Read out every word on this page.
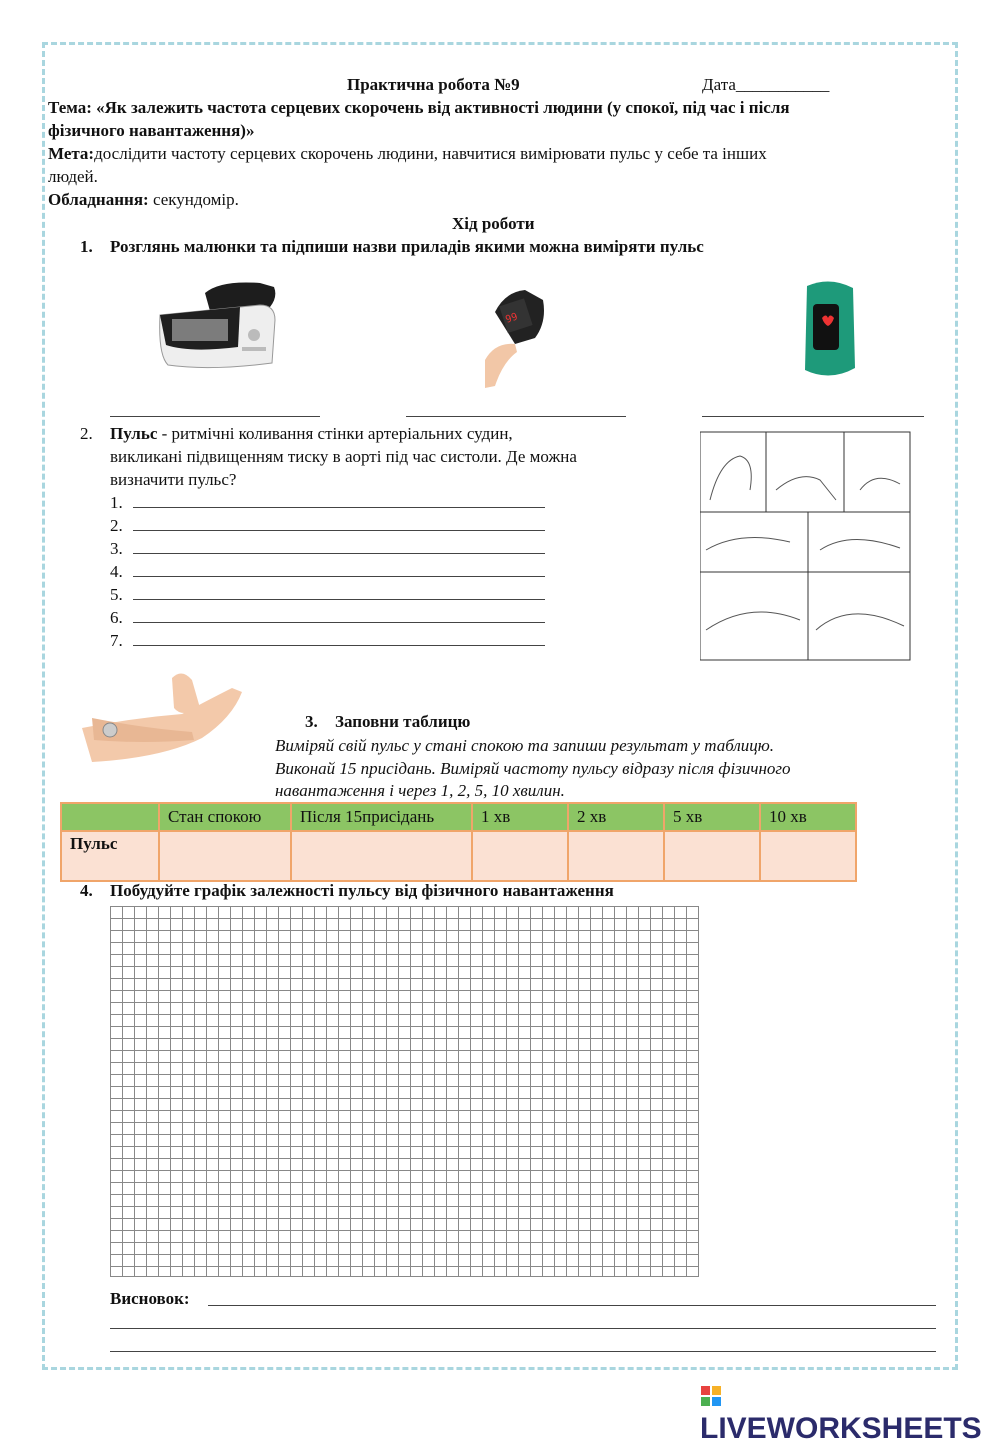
Практична робота №9	Дата___________
Тема: «Як залежить частота серцевих скорочень від активності людини (у спокої, під час і після
фізичного навантаження)»
Мета:дослідити частоту серцевих скорочень людини, навчитися вимірювати пульс у себе та інших
людей.
Обладнання: секундомір.
Хід роботи
1. Розглянь малюнки та підпиши назви приладів якими можна виміряти пульс
99
2. Пульс - ритмічні коливання стінки артеріальних судин,
викликані підвищенням тиску в аорті під час систоли. Де можна
визначити пульс?
1.
2.
3.
4.
5.
6.
7.
3. Заповни таблицю
Виміряй свій пульс у стані спокою та запиши результат у таблицю.
Виконай 15 присідань. Виміряй частоту пульсу відразу після фізичного
навантаження і через 1, 2, 5, 10 хвилин.
	Стан спокою	Після 15присідань	1 хв	2 хв	5 хв	10 хв
Пульс						
4. Побудуйте графік залежності пульсу від фізичного навантаження
Висновок:
LIVEWORKSHEETS
